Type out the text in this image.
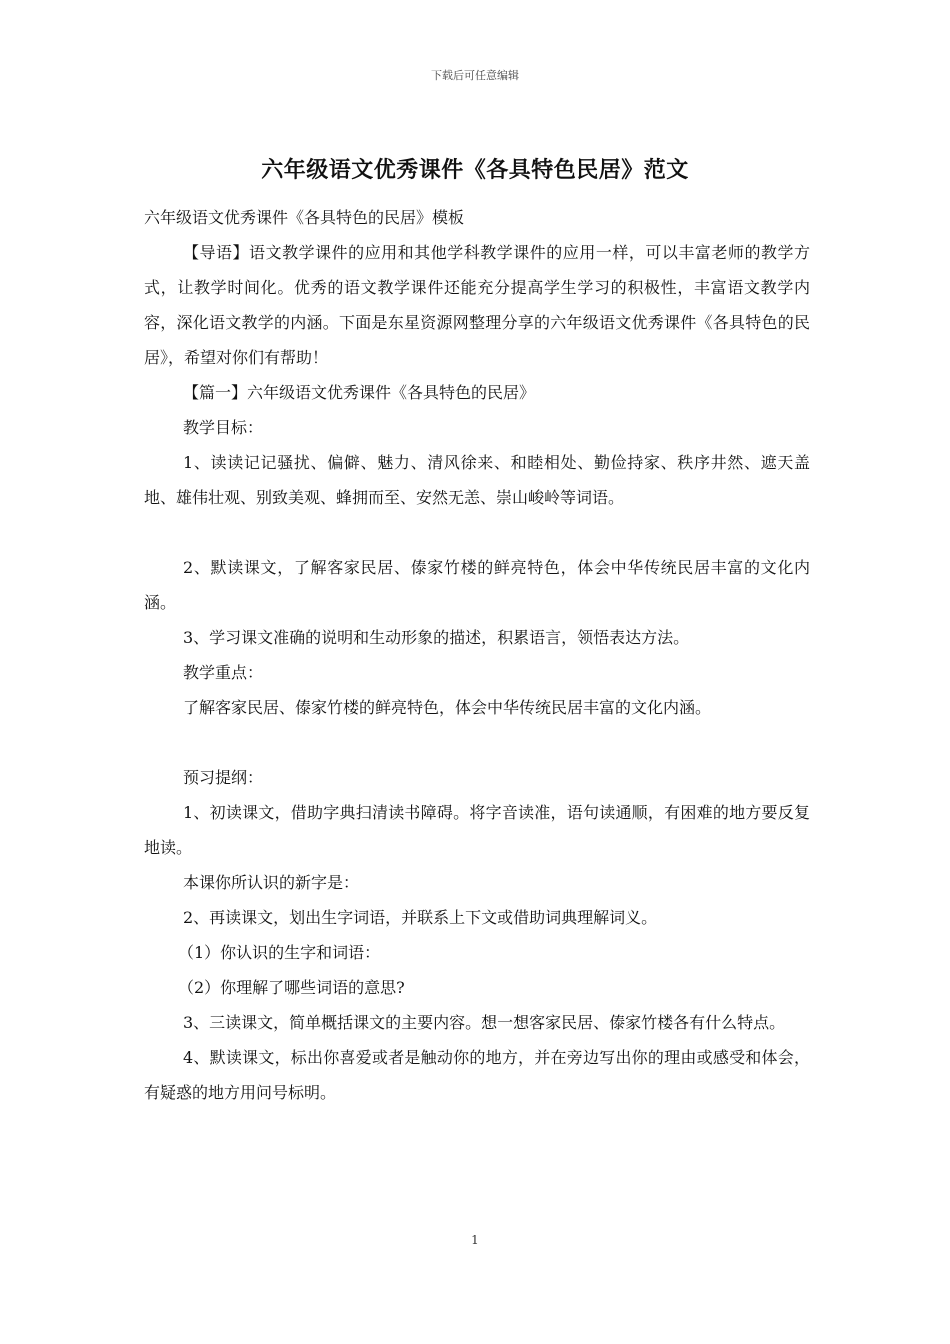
下载后可任意编辑
六年级语文优秀课件《各具特色民居》范文

六年级语文优秀课件《各具特色的民居》模板

【导语】语文教学课件的应用和其他学科教学课件的应用一样，可以丰富老师的教学方式，让教学时间化。优秀的语文教学课件还能充分提高学生学习的积极性，丰富语文教学内容，深化语文教学的内涵。下面是东星资源网整理分享的六年级语文优秀课件《各具特色的民居》，希望对你们有帮助！

【篇一】六年级语文优秀课件《各具特色的民居》

教学目标：

1、读读记记骚扰、偏僻、魅力、清风徐来、和睦相处、勤俭持家、秩序井然、遮天盖地、雄伟壮观、别致美观、蜂拥而至、安然无恙、崇山峻岭等词语。

2、默读课文，了解客家民居、傣家竹楼的鲜亮特色，体会中华传统民居丰富的文化内涵。

3、学习课文准确的说明和生动形象的描述，积累语言，领悟表达方法。

教学重点：

了解客家民居、傣家竹楼的鲜亮特色，体会中华传统民居丰富的文化内涵。

预习提纲：

1、初读课文，借助字典扫清读书障碍。将字音读准，语句读通顺，有困难的地方要反复地读。

本课你所认识的新字是：

2、再读课文，划出生字词语，并联系上下文或借助词典理解词义。

（1）你认识的生字和词语：

（2）你理解了哪些词语的意思?

3、三读课文，简单概括课文的主要内容。想一想客家民居、傣家竹楼各有什么特点。

4、默读课文，标出你喜爱或者是触动你的地方，并在旁边写出你的理由或感受和体会，有疑惑的地方用问号标明。

1
